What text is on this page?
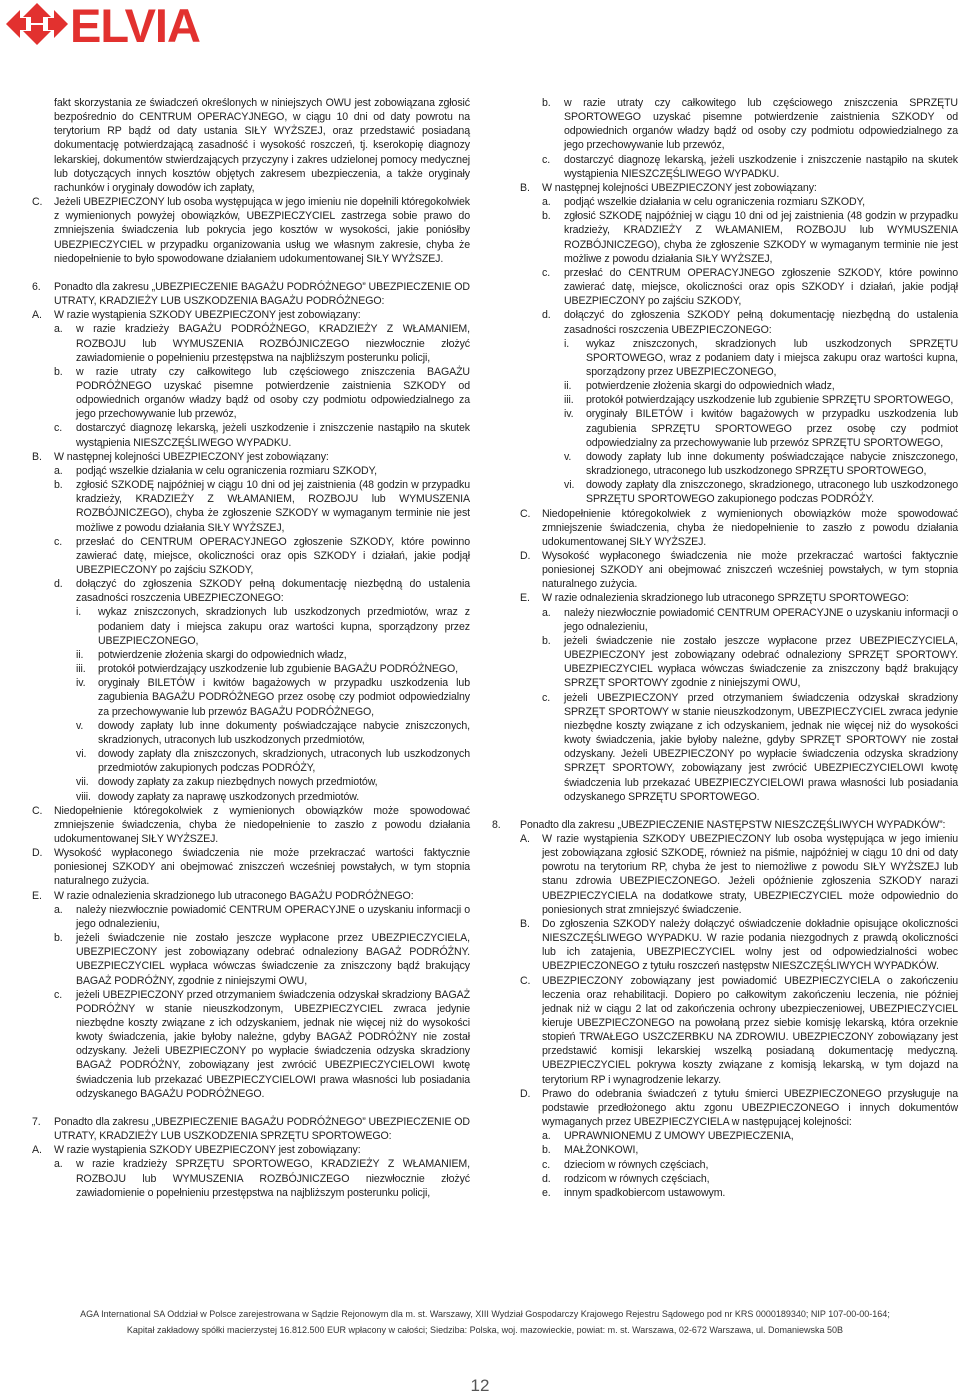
ELVIA
fakt skorzystania ze świadczeń określonych w niniejszych OWU jest zobowiązana zgłosić bezpośrednio do CENTRUM OPERACYJNEGO, w ciągu 10 dni od daty powrotu na terytorium RP bądź od daty ustania SIŁY WYŻSZEJ, oraz przedstawić posiadaną dokumentację potwierdzającą zasadność i wysokość roszczeń, tj. kserokopię diagnozy lekarskiej, dokumentów stwierdzających przyczyny i zakres udzielonej pomocy medycznej lub dotyczących innych kosztów objętych zakresem ubezpieczenia, a także oryginały rachunków i oryginały dowodów ich zapłaty,
C.	Jeżeli UBEZPIECZONY lub osoba występująca w jego imieniu nie dopełnili któregokolwiek z wymienionych powyżej obowiązków, UBEZPIECZYCIEL zastrzega sobie prawo do zmniejszenia świadczenia lub pokrycia jego kosztów w wysokości, jakie poniósłby UBEZPIECZYCIEL w przypadku organizowania usług we własnym zakresie, chyba że niedopełnienie to było spowodowane działaniem udokumentowanej SIŁY WYŻSZEJ.
6.	Ponadto dla zakresu „UBEZPIECZENIE BAGAŻU PODRÓŻNEGO” UBEZPIECZENIE OD UTRATY, KRADZIEŻY LUB USZKODZENIA BAGAŻU PODRÓŻNEGO:
A.	W razie wystąpienia SZKODY UBEZPIECZONY jest zobowiązany:
a.	w razie kradzieży BAGAŻU PODRÓŻNEGO, KRADZIEŻY Z WŁAMANIEM, ROZBOJU lub WYMUSZENIA ROZBÓJNICZEGO niezwłocznie złożyć zawiadomienie o popełnieniu przestępstwa na najbliższym posterunku policji,
b.	w razie utraty czy całkowitego lub częściowego zniszczenia BAGAŻU PODRÓŻNEGO uzyskać pisemne potwierdzenie zaistnienia SZKODY od odpowiednich organów władzy bądź od osoby czy podmiotu odpowiedzialnego za jego przechowywanie lub przewóz,
c.	dostarczyć diagnozę lekarską, jeżeli uszkodzenie i zniszczenie nastąpiło na skutek wystąpienia NIESZCZĘŚLIWEGO WYPADKU.
B.	W następnej kolejności UBEZPIECZONY jest zobowiązany:
a.	podjąć wszelkie działania w celu ograniczenia rozmiaru SZKODY,
b.	zgłosić SZKODĘ najpóźniej w ciągu 10 dni od jej zaistnienia (48 godzin w przypadku kradzieży, KRADZIEŻY Z WŁAMANIEM, ROZBOJU lub WYMUSZENIA ROZBÓJNICZEGO), chyba że zgłoszenie SZKODY w wymaganym terminie nie jest możliwe z powodu działania SIŁY WYŻSZEJ,
c.	przesłać do CENTRUM OPERACYJNEGO zgłoszenie SZKODY, które powinno zawierać datę, miejsce, okoliczności oraz opis SZKODY i działań, jakie podjął UBEZPIECZONY po zajściu SZKODY,
d.	dołączyć do zgłoszenia SZKODY pełną dokumentację niezbędną do ustalenia zasadności roszczenia UBEZPIECZONEGO:
i.	wykaz zniszczonych, skradzionych lub uszkodzonych przedmiotów, wraz z podaniem daty i miejsca zakupu oraz wartości kupna, sporządzony przez UBEZPIECZONEGO,
ii.	potwierdzenie złożenia skargi do odpowiednich władz,
iii.	protokół potwierdzający uszkodzenie lub zgubienie BAGAŻU PODRÓŻNEGO,
iv.	oryginały BILETÓW i kwitów bagażowych w przypadku uszkodzenia lub zagubienia BAGAŻU PODRÓŻNEGO przez osobę czy podmiot odpowiedzialny za przechowywanie lub przewóz BAGAŻU PODRÓŻNEGO,
v.	dowody zapłaty lub inne dokumenty poświadczające nabycie zniszczonych, skradzionych, utraconych lub uszkodzonych przedmiotów,
vi.	dowody zapłaty dla zniszczonych, skradzionych, utraconych lub uszkodzonych przedmiotów zakupionych podczas PODRÓŻY,
vii. dowody zapłaty za zakup niezbędnych nowych przedmiotów,
viii. dowody zapłaty za naprawę uszkodzonych przedmiotów.
C.	Niedopełnienie któregokolwiek z wymienionych obowiązków może spowodować zmniejszenie świadczenia, chyba że niedopełnienie to zaszło z powodu działania udokumentowanej SIŁY WYŻSZEJ.
D.	Wysokość wypłaconego świadczenia nie może przekraczać wartości faktycznie poniesionej SZKODY ani obejmować zniszczeń wcześniej powstałych, w tym stopnia naturalnego zużycia.
E.	W razie odnalezienia skradzionego lub utraconego BAGAŻU PODRÓŻNEGO:
a.	należy niezwłocznie powiadomić CENTRUM OPERACYJNE o uzyskaniu informacji o jego odnalezieniu,
b.	jeżeli świadczenie nie zostało jeszcze wypłacone przez UBEZPIECZYCIELA, UBEZPIECZONY jest zobowiązany odebrać odnaleziony BAGAŻ PODRÓŻNY. UBEZPIECZYCIEL wypłaca wówczas świadczenie za zniszczony bądź brakujący BAGAŻ PODRÓŻNY, zgodnie z niniejszymi OWU,
c.	jeżeli UBEZPIECZONY przed otrzymaniem świadczenia odzyskał skradziony BAGAŻ PODRÓŻNY w stanie nieuszkodzonym, UBEZPIECZYCIEL zwraca jedynie niezbędne koszty związane z ich odzyskaniem, jednak nie więcej niż do wysokości kwoty świadczenia, jakie byłoby należne, gdyby BAGAŻ PODRÓŻNY nie został odzyskany. Jeżeli UBEZPIECZONY po wypłacie świadczenia odzyska skradziony BAGAŻ PODRÓŻNY, zobowiązany jest zwrócić UBEZPIECZYCIELOWI kwotę świadczenia lub przekazać UBEZPIECZYCIELOWI prawa własności lub posiadania odzyskanego BAGAŻU PODRÓŻNEGO.
7.	Ponadto dla zakresu „UBEZPIECZENIE BAGAŻU PODRÓŻNEGO” UBEZPIECZENIE OD UTRATY, KRADZIEŻY LUB USZKODZENIA SPRZĘTU SPORTOWEGO:
A.	W razie wystąpienia SZKODY UBEZPIECZONY jest zobowiązany:
a.	w razie kradzieży SPRZĘTU SPORTOWEGO, KRADZIEŻY Z WŁAMANIEM, ROZBOJU lub WYMUSZENIA ROZBÓJNICZEGO niezwłocznie złożyć zawiadomienie o popełnieniu przestępstwa na najbliższym posterunku policji,
b.	w razie utraty czy całkowitego lub częściowego zniszczenia SPRZĘTU SPORTOWEGO uzyskać pisemne potwierdzenie zaistnienia SZKODY od odpowiednich organów władzy bądź od osoby czy podmiotu odpowiedzialnego za jego przechowywanie lub przewóz,
c.	dostarczyć diagnozę lekarską, jeżeli uszkodzenie i zniszczenie nastąpiło na skutek wystąpienia NIESZCZĘŚLIWEGO WYPADKU.
B.	W następnej kolejności UBEZPIECZONY jest zobowiązany:
a.	podjąć wszelkie działania w celu ograniczenia rozmiaru SZKODY,
b.	zgłosić SZKODĘ najpóźniej w ciągu 10 dni od jej zaistnienia (48 godzin w przypadku kradzieży, KRADZIEŻY Z WŁAMANIEM, ROZBOJU lub WYMUSZENIA ROZBÓJNICZEGO), chyba że zgłoszenie SZKODY w wymaganym terminie nie jest możliwe z powodu działania SIŁY WYŻSZEJ,
c.	przesłać do CENTRUM OPERACYJNEGO zgłoszenie SZKODY, które powinno zawierać datę, miejsce, okoliczności oraz opis SZKODY i działań, jakie podjął UBEZPIECZONY po zajściu SZKODY,
d.	dołączyć do zgłoszenia SZKODY pełną dokumentację niezbędną do ustalenia zasadności roszczenia UBEZPIECZONEGO:
i.	wykaz zniszczonych, skradzionych lub uszkodzonych SPRZĘTU SPORTOWEGO, wraz z podaniem daty i miejsca zakupu oraz wartości kupna, sporządzony przez UBEZPIECZONEGO,
ii.	potwierdzenie złożenia skargi do odpowiednich władz,
iii.	protokół potwierdzający uszkodzenie lub zgubienie SPRZĘTU SPORTOWEGO,
iv.	oryginały BILETÓW i kwitów bagażowych w przypadku uszkodzenia lub zagubienia SPRZĘTU SPORTOWEGO przez osobę czy podmiot odpowiedzialny za przechowywanie lub przewóz SPRZĘTU SPORTOWEGO,
v.	dowody zapłaty lub inne dokumenty poświadczające nabycie zniszczonego, skradzionego, utraconego lub uszkodzonego SPRZĘTU SPORTOWEGO,
vi.	dowody zapłaty dla zniszczonego, skradzionego, utraconego lub uszkodzonego SPRZĘTU SPORTOWEGO zakupionego podczas PODRÓŻY.
C.	Niedopełnienie któregokolwiek z wymienionych obowiązków może spowodować zmniejszenie świadczenia, chyba że niedopełnienie to zaszło z powodu działania udokumentowanej SIŁY WYŻSZEJ.
D.	Wysokość wypłaconego świadczenia nie może przekraczać wartości faktycznie poniesionej SZKODY ani obejmować zniszczeń wcześniej powstałych, w tym stopnia naturalnego zużycia.
E.	W razie odnalezienia skradzionego lub utraconego SPRZĘTU SPORTOWEGO:
a.	należy niezwłocznie powiadomić CENTRUM OPERACYJNE o uzyskaniu informacji o jego odnalezieniu,
b.	jeżeli świadczenie nie zostało jeszcze wypłacone przez UBEZPIECZYCIELA, UBEZPIECZONY jest zobowiązany odebrać odnaleziony SPRZĘT SPORTOWY. UBEZPIECZYCIEL wypłaca wówczas świadczenie za zniszczony bądź brakujący SPRZĘT SPORTOWY zgodnie z niniejszymi OWU,
c.	jeżeli UBEZPIECZONY przed otrzymaniem świadczenia odzyskał skradziony SPRZĘT SPORTOWY w stanie nieuszkodzonym, UBEZPIECZYCIEL zwraca jedynie niezbędne koszty związane z ich odzyskaniem, jednak nie więcej niż do wysokości kwoty świadczenia, jakie byłoby należne, gdyby SPRZĘT SPORTOWY nie został odzyskany. Jeżeli UBEZPIECZONY po wypłacie świadczenia odzyska skradziony SPRZĘT SPORTOWY, zobowiązany jest zwrócić UBEZPIECZYCIELOWI kwotę świadczenia lub przekazać UBEZPIECZYCIELOWI prawa własności lub posiadania odzyskanego SPRZĘTU SPORTOWEGO.
8.	Ponadto dla zakresu „UBEZPIECZENIE NASTĘPSTW NIESZCZĘŚLIWYCH WYPADKÓW”:
A.	W razie wystąpienia SZKODY UBEZPIECZONY lub osoba występująca w jego imieniu jest zobowiązana zgłosić SZKODĘ, również na piśmie, najpóźniej w ciągu 10 dni od daty powrotu na terytorium RP, chyba że jest to niemożliwe z powodu SIŁY WYŻSZEJ lub stanu zdrowia UBEZPIECZONEGO. Jeżeli opóźnienie zgłoszenia SZKODY narazi UBEZPIECZYCIELA na dodatkowe straty, UBEZPIECZYCIEL może odpowiednio do poniesionych strat zmniejszyć świadczenie.
B.	Do zgłoszenia SZKODY należy dołączyć oświadczenie dokładnie opisujące okoliczności NIESZCZĘŚLIWEGO WYPADKU. W razie podania niezgodnych z prawdą okoliczności lub ich zatajenia, UBEZPIECZYCIEL wolny jest od odpowiedzialności wobec UBEZPIECZONEGO z tytułu roszczeń następstw NIESZCZĘŚLIWYCH WYPADKÓW.
C.	UBEZPIECZONY zobowiązany jest powiadomić UBEZPIECZYCIELA o zakończeniu leczenia oraz rehabilitacji. Dopiero po całkowitym zakończeniu leczenia, nie później jednak niż w ciągu 2 lat od zakończenia ochrony ubezpieczeniowej, UBEZPIECZYCIEL kieruje UBEZPIECZONEGO na powołaną przez siebie komisję lekarską, która orzeknie stopień TRWAŁEGO USZCZERBKU NA ZDROWIU. UBEZPIECZONY zobowiązany jest przedstawić komisji lekarskiej wszelką posiadaną dokumentację medyczną. UBEZPIECZYCIEL pokrywa koszty związane z komisją lekarską, w tym dojazd na terytorium RP i wynagrodzenie lekarzy.
D.	Prawo do odebrania świadczeń z tytułu śmierci UBEZPIECZONEGO przysługuje na podstawie przedłożonego aktu zgonu UBEZPIECZONEGO i innych dokumentów wymaganych przez UBEZPIECZYCIELA w następującej kolejności:
a.	UPRAWNIONEMU Z UMOWY UBEZPIECZENIA,
b.	MAŁŻONKOWI,
c.	dzieciom w równych częściach,
d.	rodzicom w równych częściach,
e.	innym spadkobiercom ustawowym.
AGA International SA Oddział w Polsce zarejestrowana w Sądzie Rejonowym dla m. st. Warszawy, XIII Wydział Gospodarczy Krajowego Rejestru Sądowego pod nr KRS 0000189340; NIP 107-00-00-164;
Kapitał zakładowy spółki macierzystej 16.812.500 EUR wpłacony w całości; Siedziba: Polska, woj. mazowieckie, powiat: m. st. Warszawa, 02-672 Warszawa, ul. Domaniewska 50B
12
